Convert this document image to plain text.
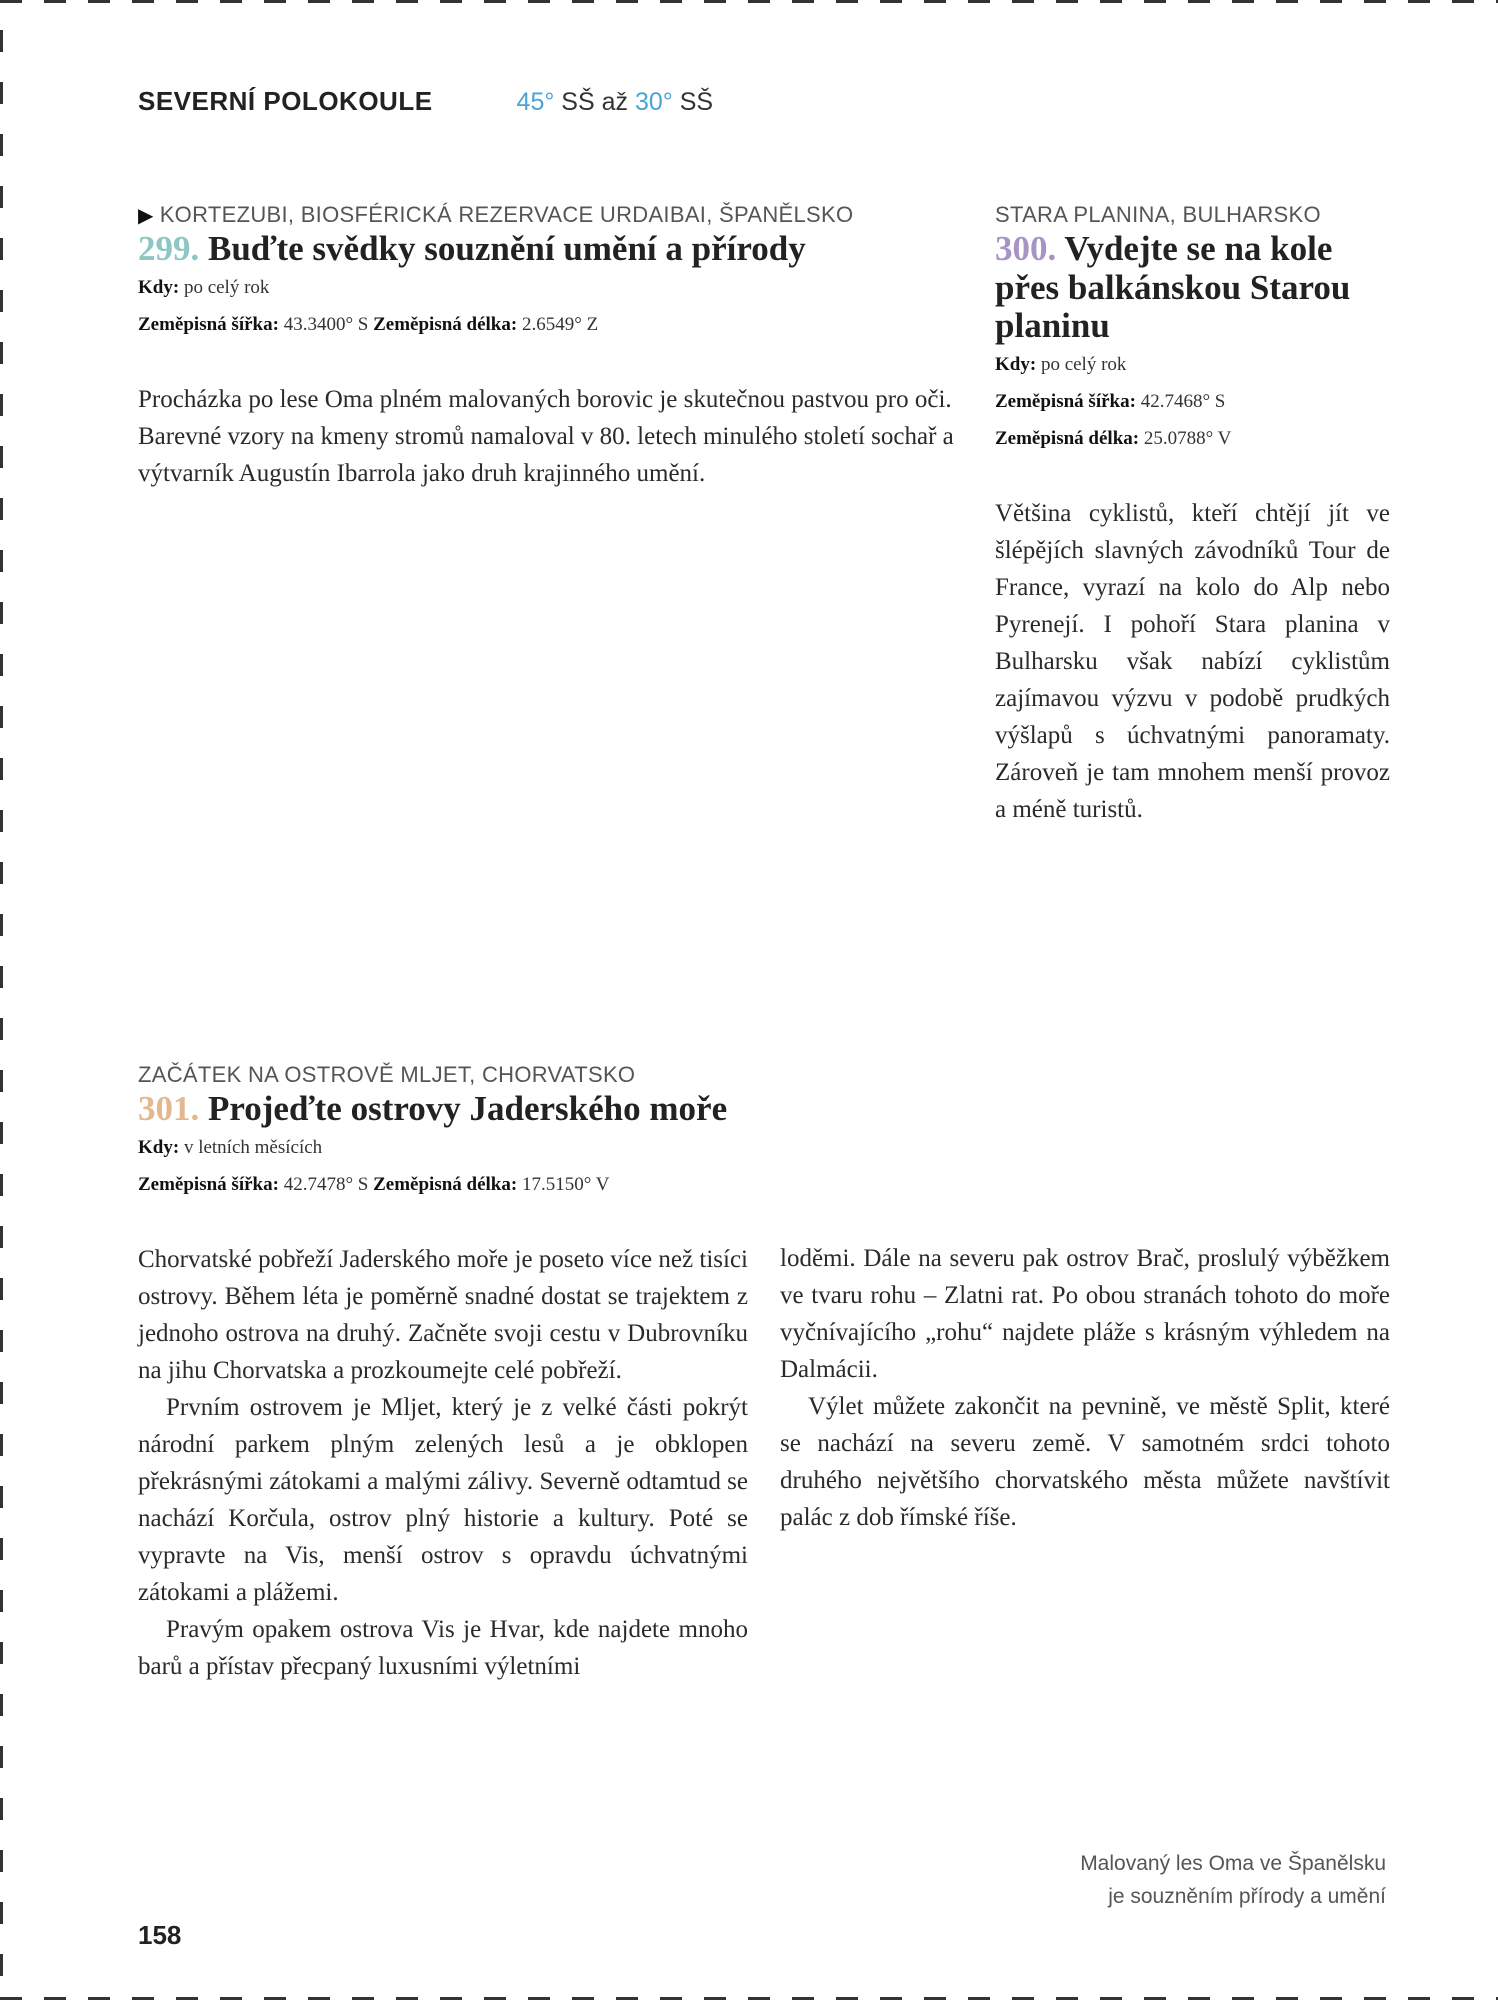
SEVERNÍ POLOKOULE	45° SŠ až 30° SŠ
▶ KORTEZUBI, BIOSFÉRICKÁ REZERVACE URDAIBAI, ŠPANĚLSKO
299. Buďte svědky souznění umění a přírody
Kdy: po celý rok
Zeměpisná šířka: 43.3400° S Zeměpisná délka: 2.6549° Z

Procházka po lese Oma plném malovaných borovic je skutečnou pastvou pro oči. Barevné vzory na kmeny stromů namaloval v 80. letech minulého století sochař a výtvarník Augustín Ibarrola jako druh krajinného umění.

STARA PLANINA, BULHARSKO
300. Vydejte se na kole přes balkánskou Starou planinu
Kdy: po celý rok
Zeměpisná šířka: 42.7468° S
Zeměpisná délka: 25.0788° V

Většina cyklistů, kteří chtějí jít ve šlépějích slavných závodníků Tour de France, vyrazí na kolo do Alp nebo Pyrenejí. I pohoří Stara planina v Bulharsku však nabízí cyklistům zajímavou výzvu v podobě prudkých výšlapů s úchvatnými panoramaty. Zároveň je tam mnohem menší provoz a méně turistů.

ZAČÁTEK NA OSTROVĚ MLJET, CHORVATSKO
301. Projeďte ostrovy Jaderského moře
Kdy: v letních měsících
Zeměpisná šířka: 42.7478° S Zeměpisná délka: 17.5150° V

Chorvatské pobřeží Jaderského moře je poseto více než tisíci ostrovy. Během léta je poměrně snadné dostat se trajektem z jednoho ostrova na druhý. Začněte svoji cestu v Dubrovníku na jihu Chorvatska a prozkoumejte celé pobřeží.

Prvním ostrovem je Mljet, který je z velké části pokrýt národní parkem plným zelených lesů a je obklopen překrásnými zátokami a malými zálivy. Severně odtamtud se nachází Korčula, ostrov plný historie a kultury. Poté se vypravte na Vis, menší ostrov s opravdu úchvatnými zátokami a plážemi.

Pravým opakem ostrova Vis je Hvar, kde najdete mnoho barů a přístav přecpaný luxusními výletními

loděmi. Dále na severu pak ostrov Brač, proslulý výběžkem ve tvaru rohu – Zlatni rat. Po obou stranách tohoto do moře vyčnívajícího „rohu“ najdete pláže s krásným výhledem na Dalmácii.

Výlet můžete zakončit na pevnině, ve městě Split, které se nachází na severu země. V samotném srdci tohoto druhého největšího chorvatského města můžete navštívit palác z dob římské říše.

Malovaný les Oma ve Španělsku
je souzněním přírody a umění
158
